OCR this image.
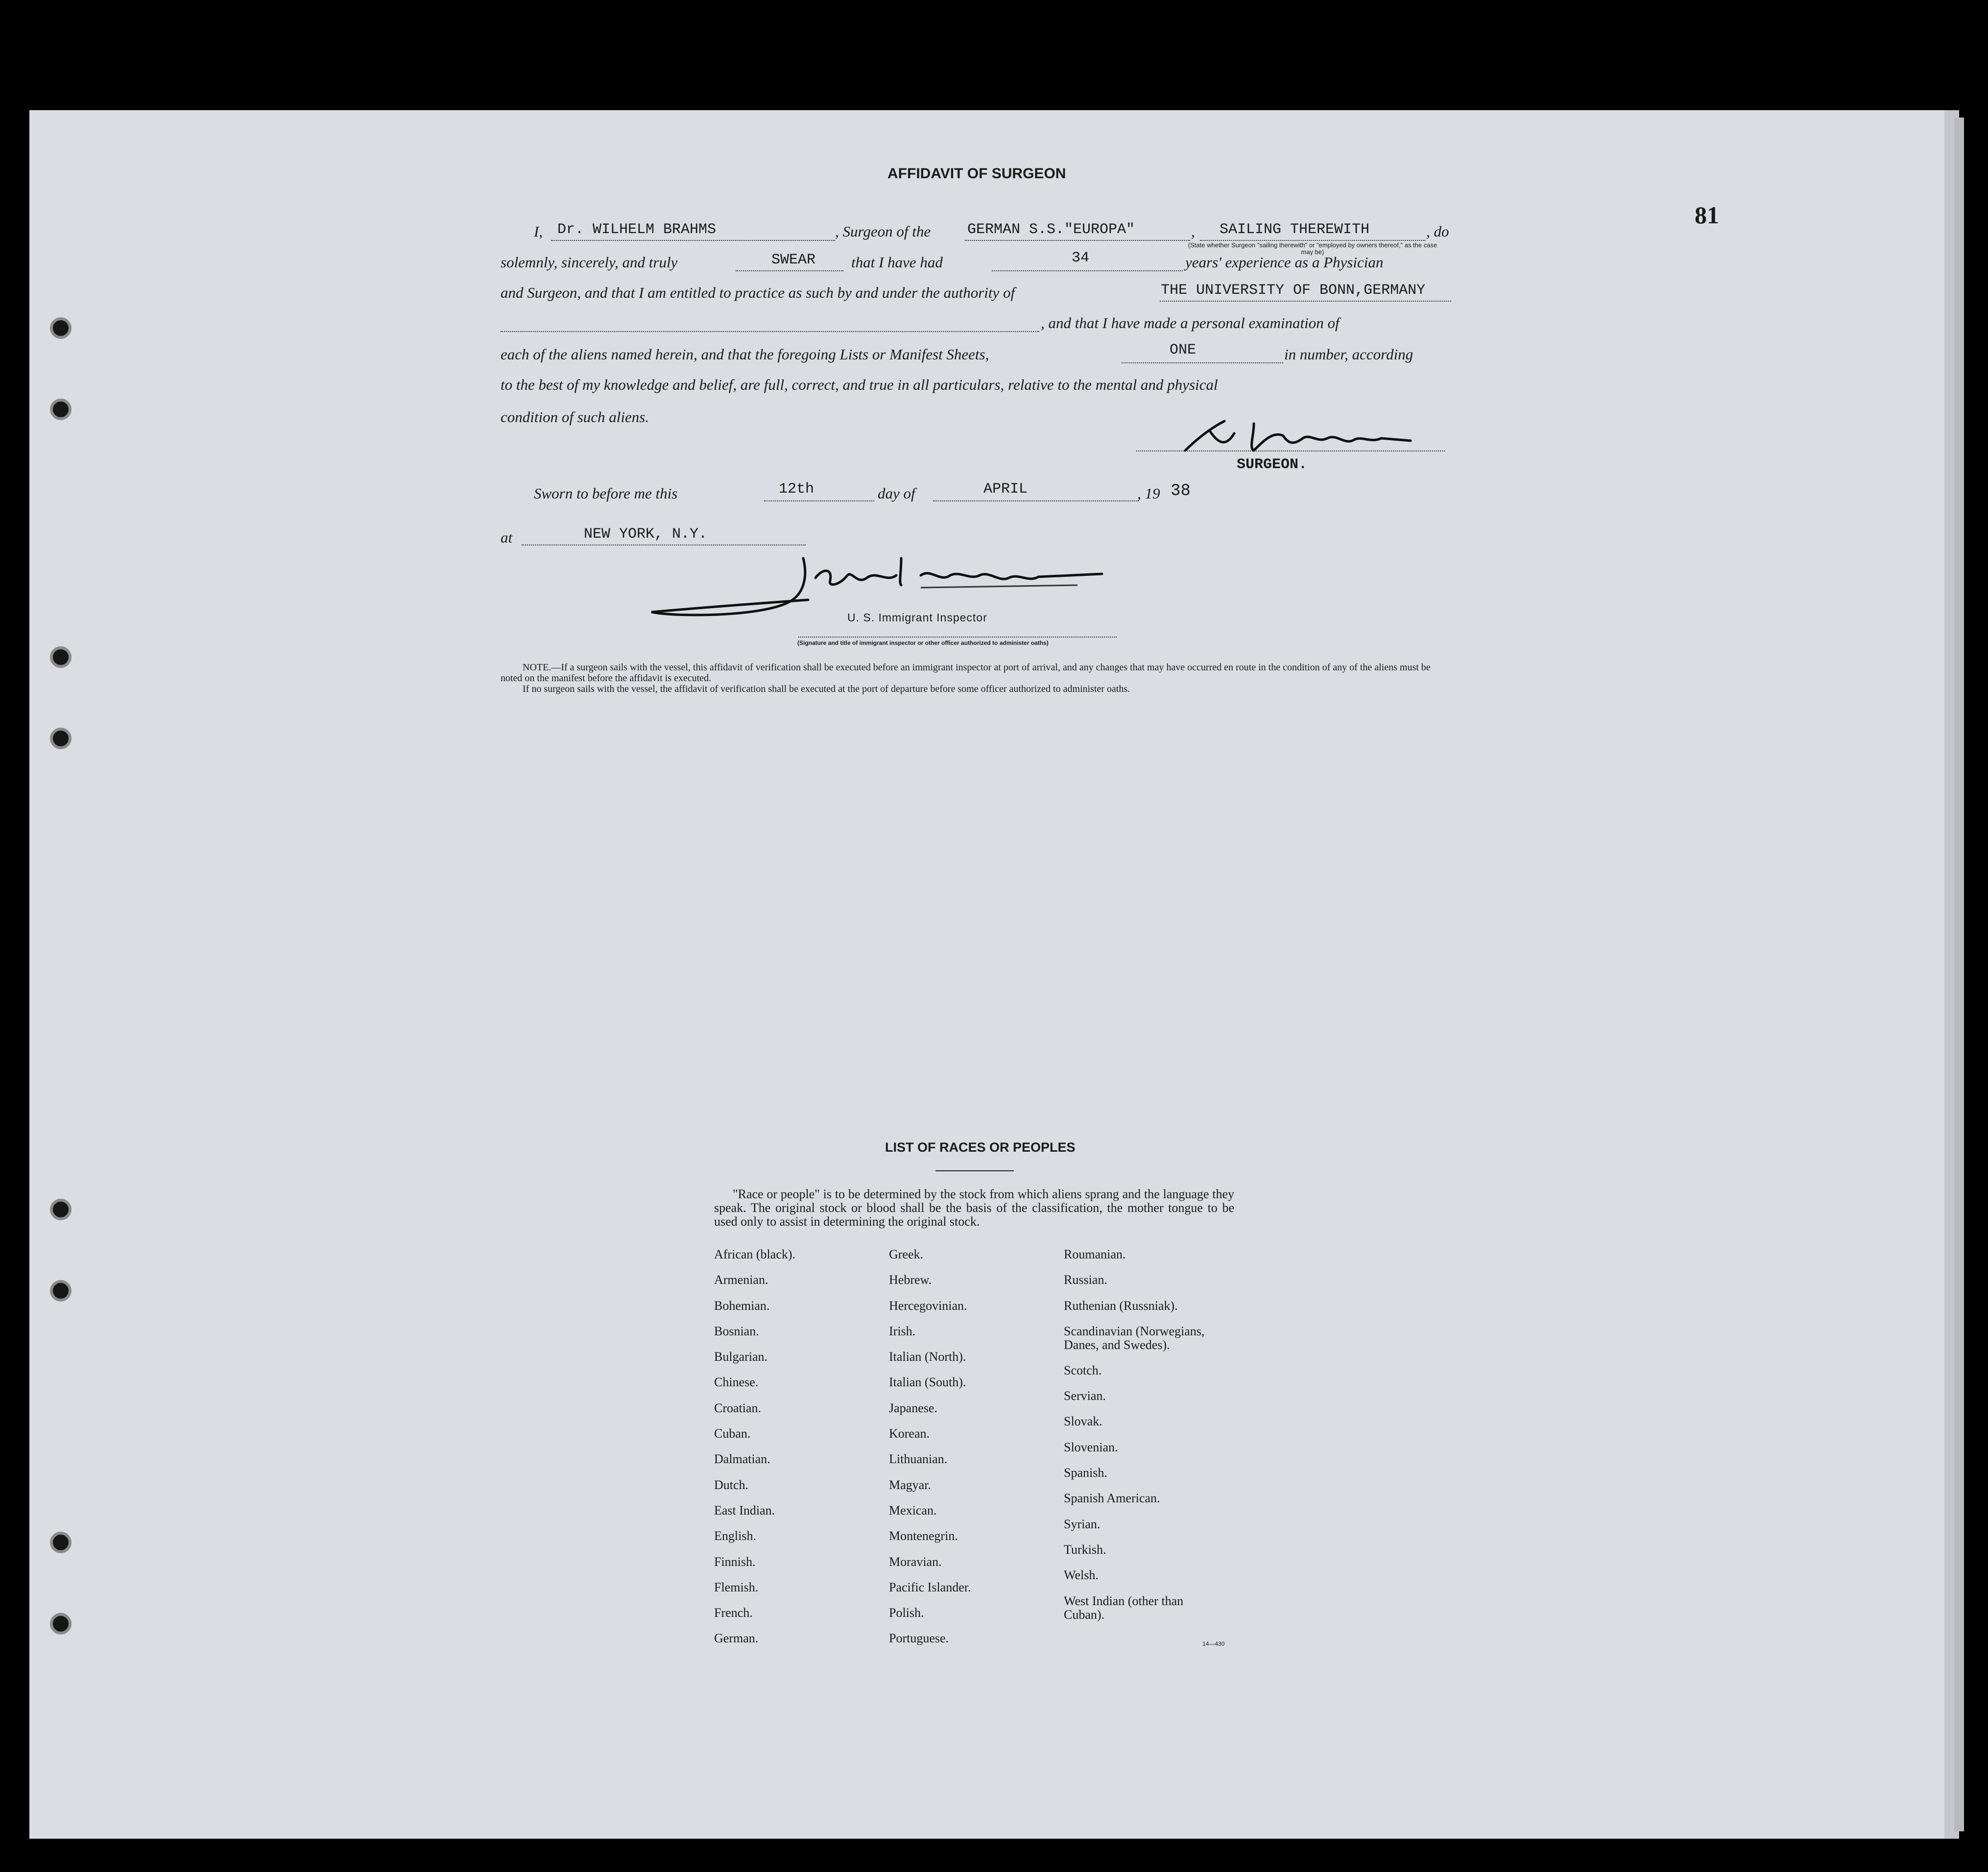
81
AFFIDAVIT OF SURGEON
I, Dr. WILHELM BRAHMS	, Surgeon of the GERMAN S.S."EUROPA"	, SAILING THEREWITH
(State whether Surgeon "sailing therewith" or "employed by owners thereof," as the case may be)
, do
solemnly, sincerely, and truly	SWEAR that I have had	34	years' experience as a Physician
and Surgeon, and that I am entitled to practice as such by and under the authority of	THE UNIVERSITY OF BONN,GERMANY
, and that I have made a personal examination of
each of the aliens named herein, and that the foregoing Lists or Manifest Sheets,	ONE	in number, according
to the best of my knowledge and belief, are full, correct, and true in all particulars, relative to the mental and physical
condition of such aliens.
SURGEON.
Sworn to before me this	12th	day of	APRIL	, 19 38
at	NEW YORK, N.Y.
U. S. Immigrant Inspector
(Signature and title of immigrant inspector or other officer authorized to administer oaths)
NOTE.—If a surgeon sails with the vessel, this affidavit of verification shall be executed before an immigrant inspector at port of arrival, and any changes that may have occurred en route in the condition of any of the aliens must be noted on the manifest before the affidavit is executed.
If no surgeon sails with the vessel, the affidavit of verification shall be executed at the port of departure before some officer authorized to administer oaths.
LIST OF RACES OR PEOPLES
"Race or people" is to be determined by the stock from which aliens sprang and the language they speak. The original stock or blood shall be the basis of the classification, the mother tongue to be used only to assist in determining the original stock.
African (black).
Armenian.
Bohemian.
Bosnian.
Bulgarian.
Chinese.
Croatian.
Cuban.
Dalmatian.
Dutch.
East Indian.
English.
Finnish.
Flemish.
French.
German.
Greek.
Hebrew.
Hercegovinian.
Irish.
Italian (North).
Italian (South).
Japanese.
Korean.
Lithuanian.
Magyar.
Mexican.
Montenegrin.
Moravian.
Pacific Islander.
Polish.
Portuguese.
Roumanian.
Russian.
Ruthenian (Russniak).
Scandinavian (Norwegians, Danes, and Swedes).
Scotch.
Servian.
Slovak.
Slovenian.
Spanish.
Spanish American.
Syrian.
Turkish.
Welsh.
West Indian (other than Cuban).
14—430
